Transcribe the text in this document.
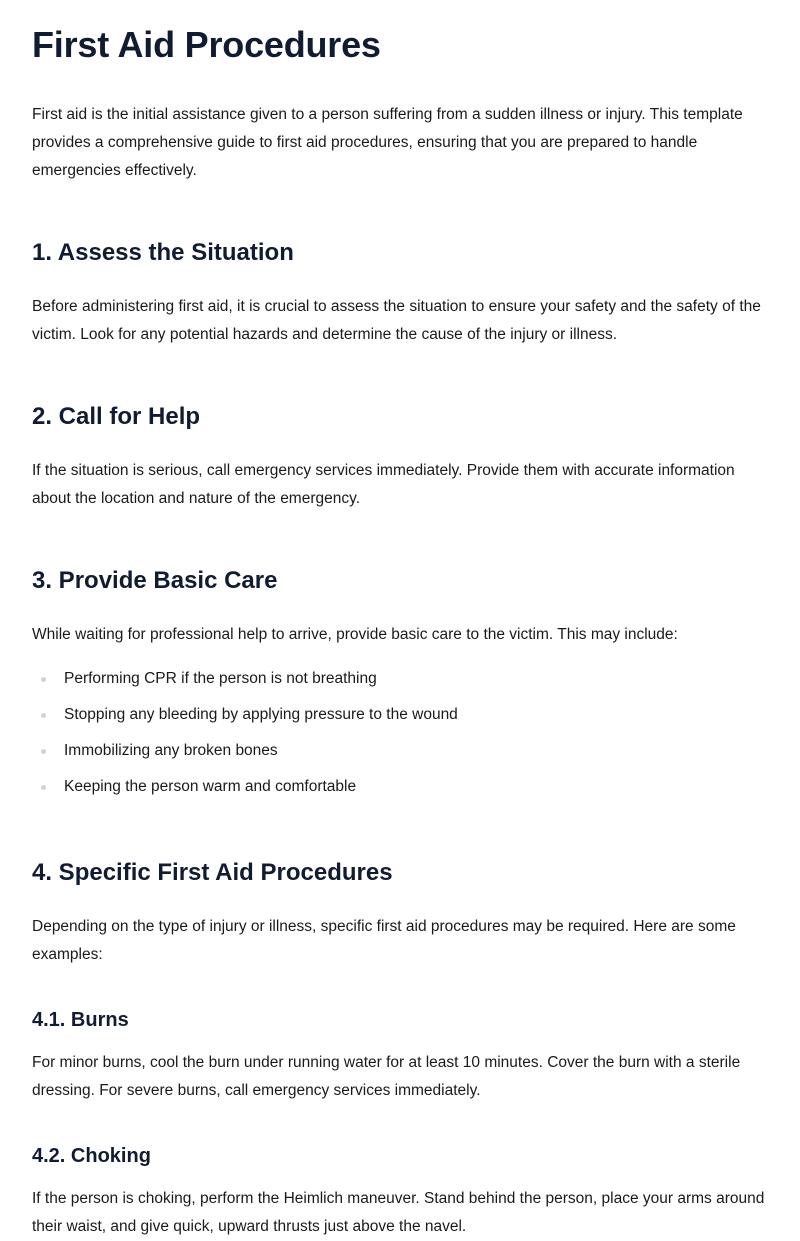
First Aid Procedures

First aid is the initial assistance given to a person suffering from a sudden illness or injury. This template provides a comprehensive guide to first aid procedures, ensuring that you are prepared to handle emergencies effectively.

1. Assess the Situation

Before administering first aid, it is crucial to assess the situation to ensure your safety and the safety of the victim. Look for any potential hazards and determine the cause of the injury or illness.

2. Call for Help

If the situation is serious, call emergency services immediately. Provide them with accurate information about the location and nature of the emergency.

3. Provide Basic Care

While waiting for professional help to arrive, provide basic care to the victim. This may include:

Performing CPR if the person is not breathing
Stopping any bleeding by applying pressure to the wound
Immobilizing any broken bones
Keeping the person warm and comfortable
4. Specific First Aid Procedures

Depending on the type of injury or illness, specific first aid procedures may be required. Here are some examples:

4.1. Burns

For minor burns, cool the burn under running water for at least 10 minutes. Cover the burn with a sterile dressing. For severe burns, call emergency services immediately.

4.2. Choking

If the person is choking, perform the Heimlich maneuver. Stand behind the person, place your arms around their waist, and give quick, upward thrusts just above the navel.
